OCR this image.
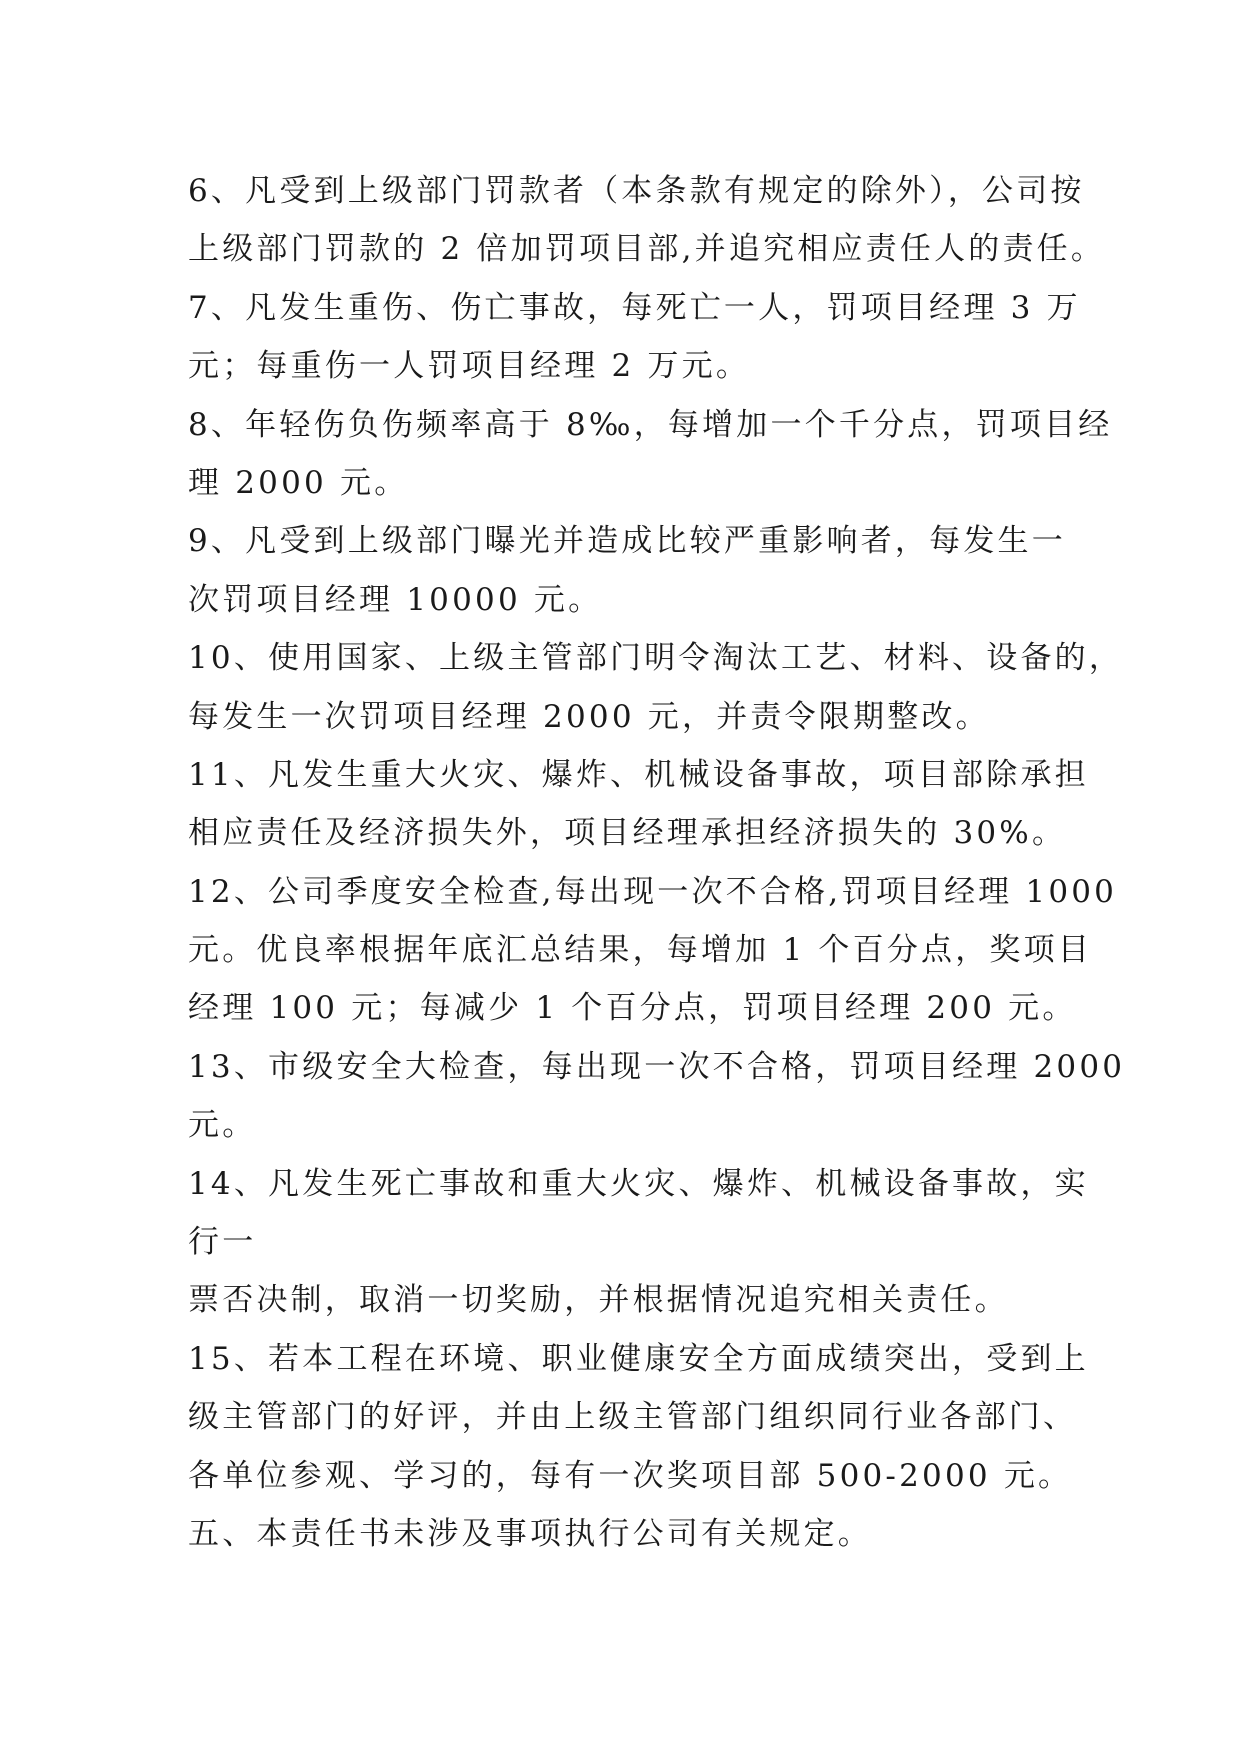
6、凡受到上级部门罚款者（本条款有规定的除外），公司按
上级部门罚款的 2 倍加罚项目部,并追究相应责任人的责任。
7、凡发生重伤、伤亡事故，每死亡一人，罚项目经理 3 万
元；每重伤一人罚项目经理 2 万元。
8、年轻伤负伤频率高于 8‰，每增加一个千分点，罚项目经
理 2000 元。
9、凡受到上级部门曝光并造成比较严重影响者，每发生一
次罚项目经理 10000 元。
10、使用国家、上级主管部门明令淘汰工艺、材料、设备的，
每发生一次罚项目经理 2000 元，并责令限期整改。
11、凡发生重大火灾、爆炸、机械设备事故，项目部除承担
相应责任及经济损失外，项目经理承担经济损失的 30%。
12、公司季度安全检查,每出现一次不合格,罚项目经理 1000
元。优良率根据年底汇总结果，每增加 1 个百分点，奖项目
经理 100 元；每减少 1 个百分点，罚项目经理 200 元。
13、市级安全大检查，每出现一次不合格，罚项目经理 2000
元。
14、凡发生死亡事故和重大火灾、爆炸、机械设备事故，实
行一
票否决制，取消一切奖励，并根据情况追究相关责任。
15、若本工程在环境、职业健康安全方面成绩突出，受到上
级主管部门的好评，并由上级主管部门组织同行业各部门、
各单位参观、学习的，每有一次奖项目部 500-2000 元。
五、本责任书未涉及事项执行公司有关规定。
